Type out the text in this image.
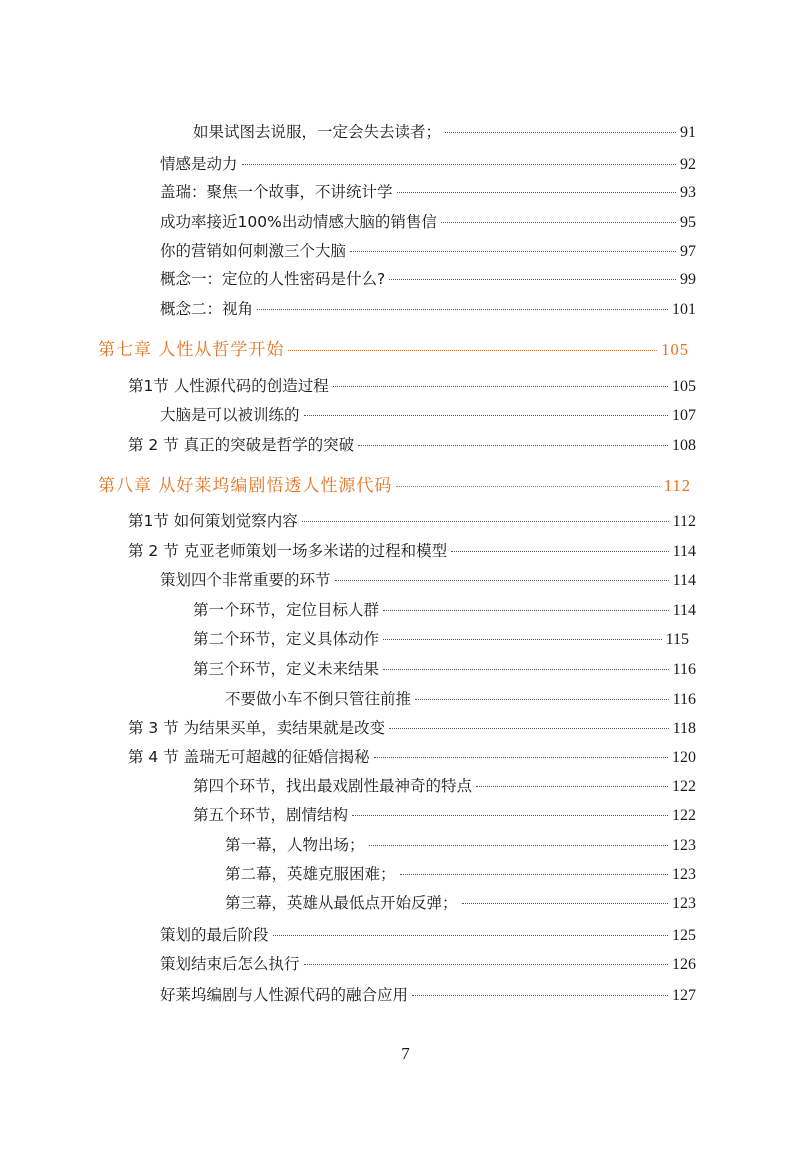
如果试图去说服，一定会失去读者；	91
情感是动力	92
盖瑞：聚焦一个故事，不讲统计学	93
成功率接近100%出动情感大脑的销售信	95
你的营销如何刺激三个大脑	97
概念一：定位的人性密码是什么?	99
概念二：视角	101
第七章 人性从哲学开始	105
第1节 人性源代码的创造过程	105
大脑是可以被训练的	107
第 2 节 真正的突破是哲学的突破	108
第八章 从好莱坞编剧悟透人性源代码	112
第1节 如何策划觉察内容	112
第 2 节 克亚老师策划一场多米诺的过程和模型	114
策划四个非常重要的环节	114
第一个环节，定位目标人群	114
第二个环节，定义具体动作	115
第三个环节，定义未来结果	116
不要做小车不倒只管往前推	116
第 3 节 为结果买单，卖结果就是改变	118
第 4 节 盖瑞无可超越的征婚信揭秘	120
第四个环节，找出最戏剧性最神奇的特点	122
第五个环节，剧情结构	122
第一幕，人物出场；	123
第二幕，英雄克服困难；	123
第三幕，英雄从最低点开始反弹；	123
策划的最后阶段	125
策划结束后怎么执行	126
好莱坞编剧与人性源代码的融合应用	127
7
